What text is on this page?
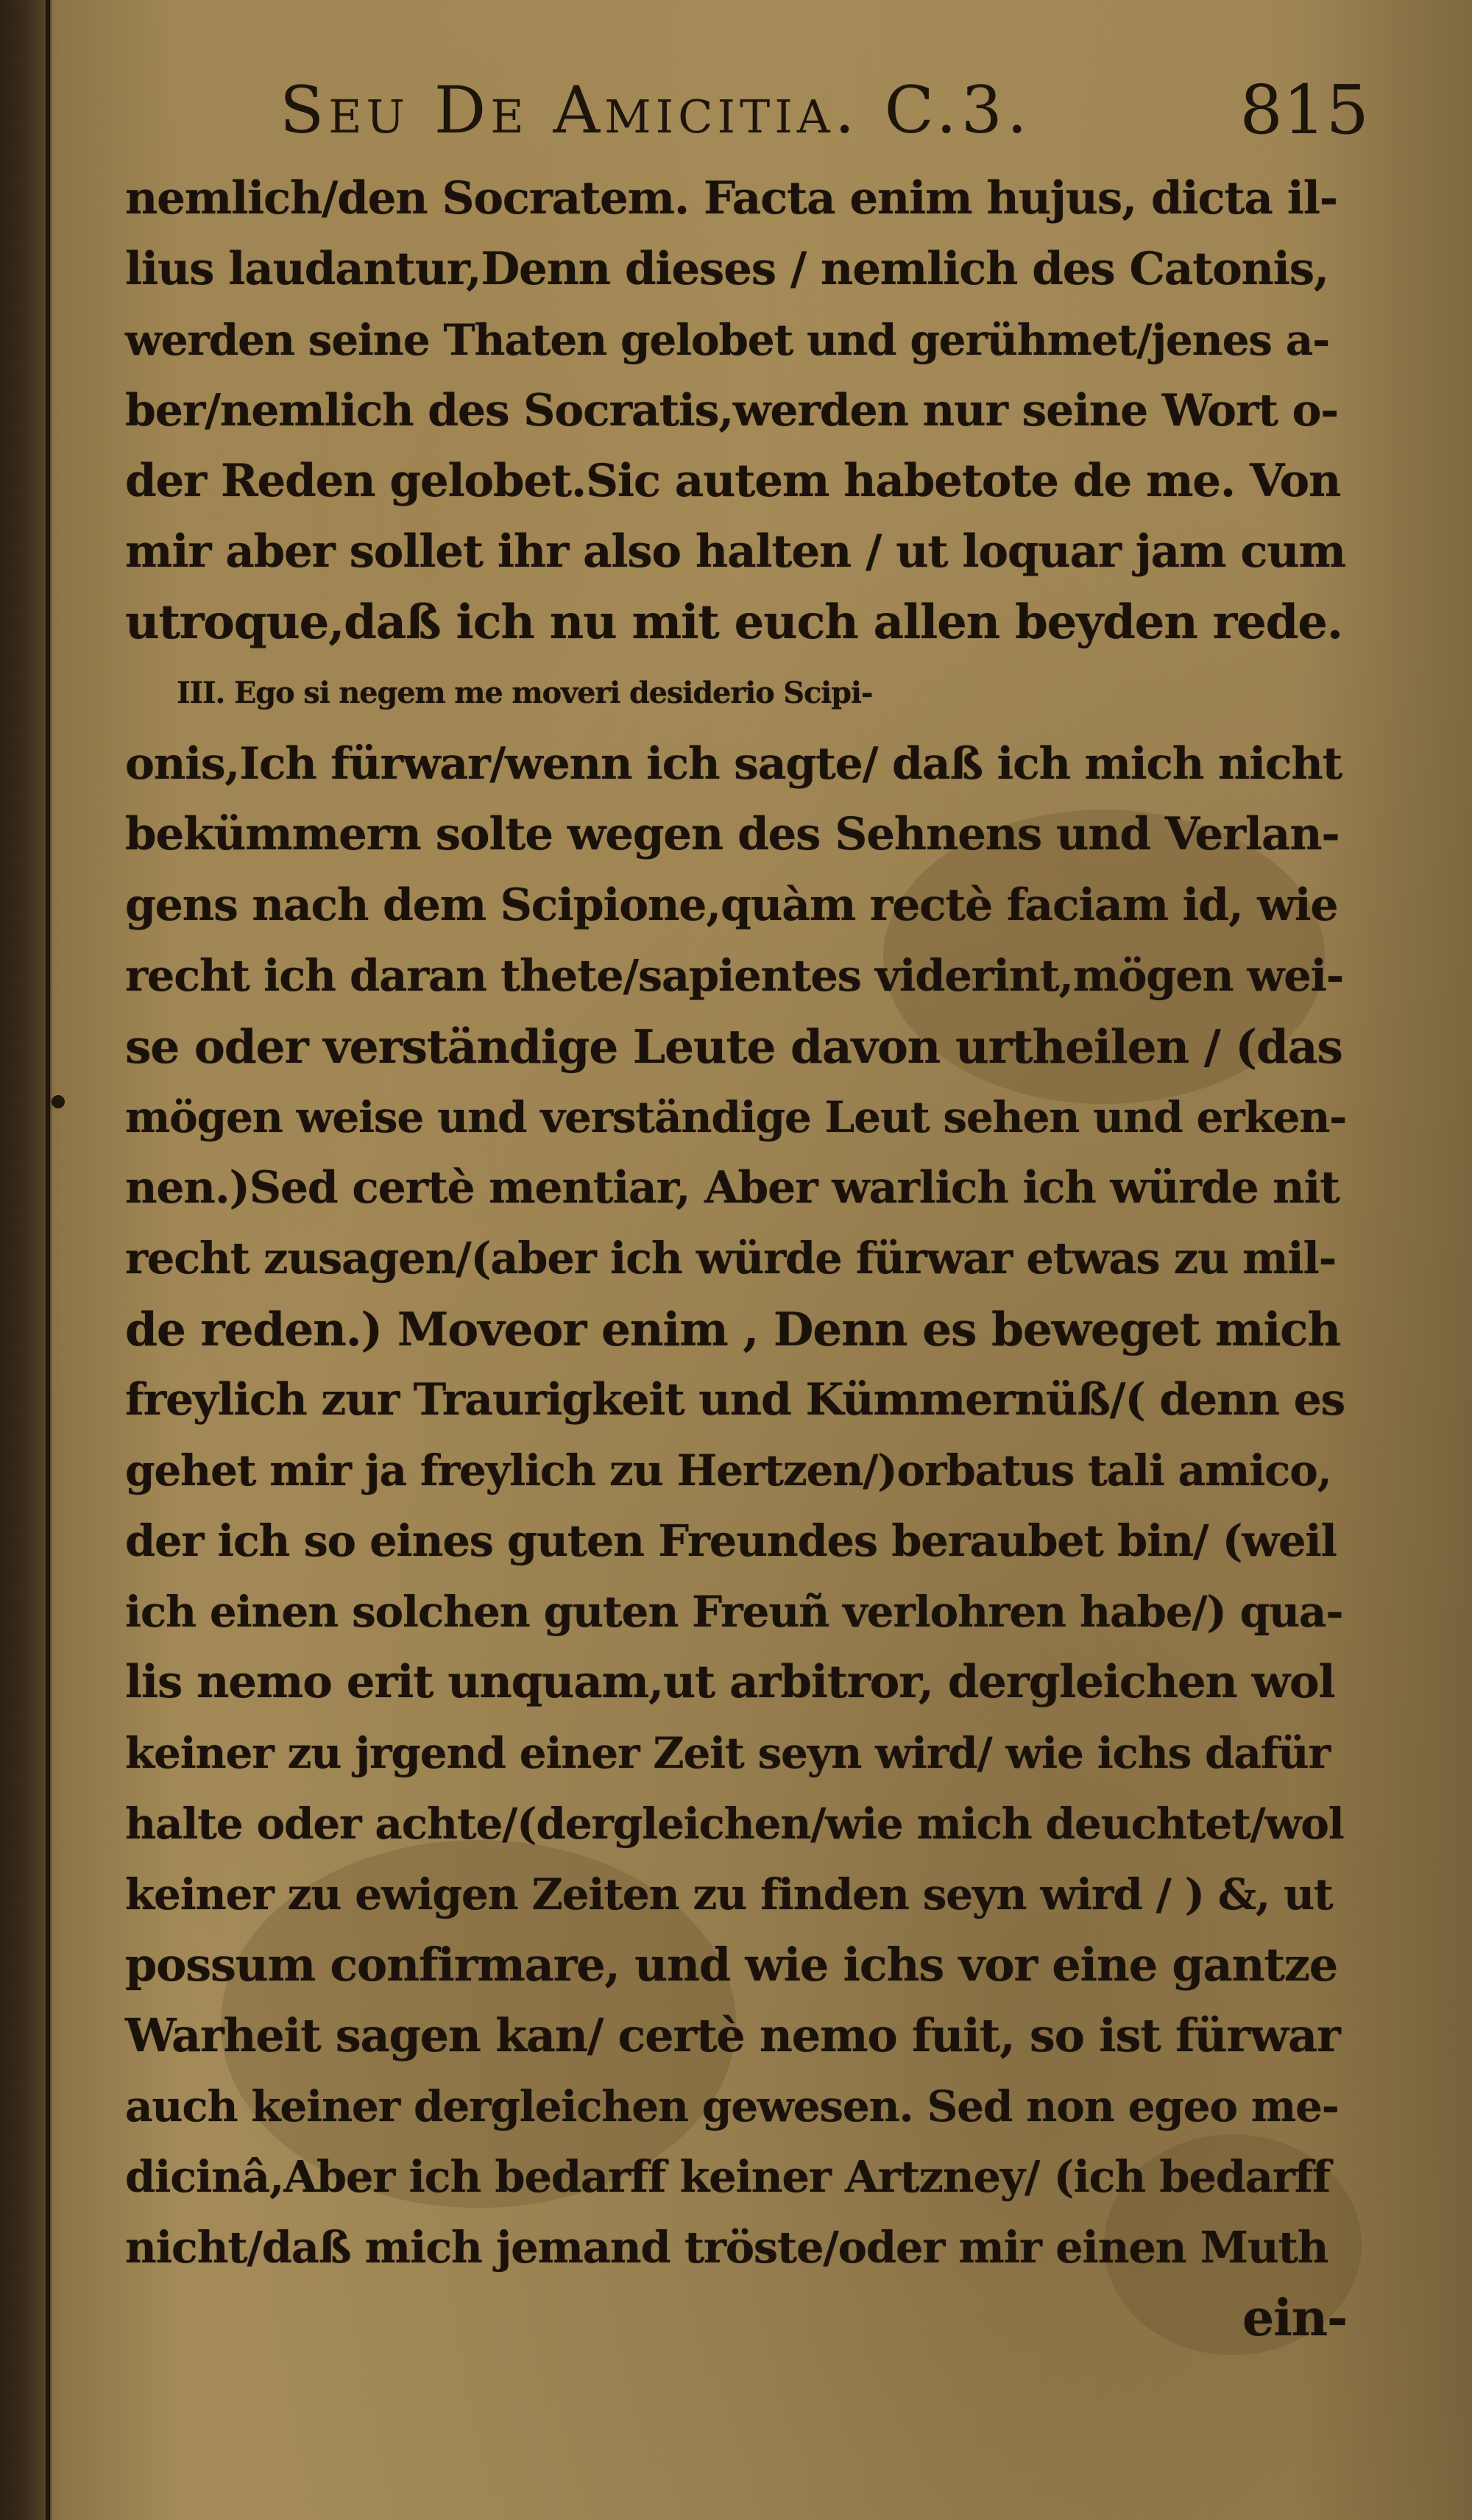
Seu De Amicitia. C.3.	815
nemlich/den Socratem. Facta enim hujus, dicta il-
lius laudantur,Denn dieses / nemlich des Catonis,
werden seine Thaten gelobet und gerühmet/jenes a-
ber/nemlich des Socratis,werden nur seine Wort o-
der Reden gelobet.Sic autem habetote de me. Von
mir aber sollet ihr also halten / ut loquar jam cum
utroque,daß ich nu mit euch allen beyden rede.
III. Ego si negem me moveri desiderio Scipi-
onis,Ich fürwar/wenn ich sagte/ daß ich mich nicht
bekümmern solte wegen des Sehnens und Verlan-
gens nach dem Scipione,quàm rectè faciam id, wie
recht ich daran thete/sapientes viderint,mögen wei-
se oder verständige Leute davon urtheilen / (das
mögen weise und verständige Leut sehen und erken-
nen.)Sed certè mentiar, Aber warlich ich würde nit
recht zusagen/(aber ich würde fürwar etwas zu mil-
de reden.) Moveor enim , Denn es beweget mich
freylich zur Traurigkeit und Kümmernüß/( denn es
gehet mir ja freylich zu Hertzen/)orbatus tali amico,
der ich so eines guten Freundes beraubet bin/ (weil
ich einen solchen guten Freuñ verlohren habe/) qua-
lis nemo erit unquam,ut arbitror, dergleichen wol
keiner zu jrgend einer Zeit seyn wird/ wie ichs dafür
halte oder achte/(dergleichen/wie mich deuchtet/wol
keiner zu ewigen Zeiten zu finden seyn wird / ) &, ut
possum confirmare, und wie ichs vor eine gantze
Warheit sagen kan/ certè nemo fuit, so ist fürwar
auch keiner dergleichen gewesen. Sed non egeo me-
dicinâ,Aber ich bedarff keiner Artzney/ (ich bedarff
nicht/daß mich jemand tröste/oder mir einen Muth
ein-
